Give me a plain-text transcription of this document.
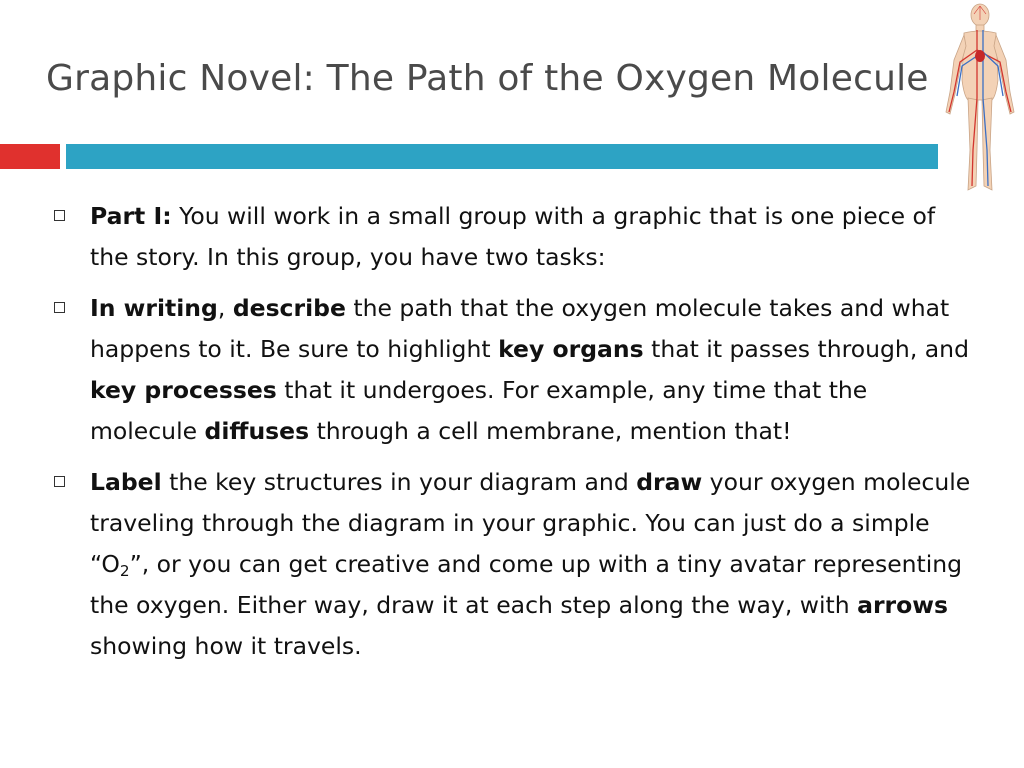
Graphic Novel: The Path of the Oxygen Molecule
Part I: You will work in a small group with a graphic that is one piece of the story. In this group, you have two tasks:
In writing, describe the path that the oxygen molecule takes and what happens to it. Be sure to highlight key organs that it passes through, and key processes that it undergoes. For example, any time that the molecule diffuses through a cell membrane, mention that!
Label the key structures in your diagram and draw your oxygen molecule traveling through the diagram in your graphic. You can just do a simple “$O_2$”, or you can get creative and come up with a tiny avatar representing the oxygen. Either way, draw it at each step along the way, with arrows showing how it travels.
